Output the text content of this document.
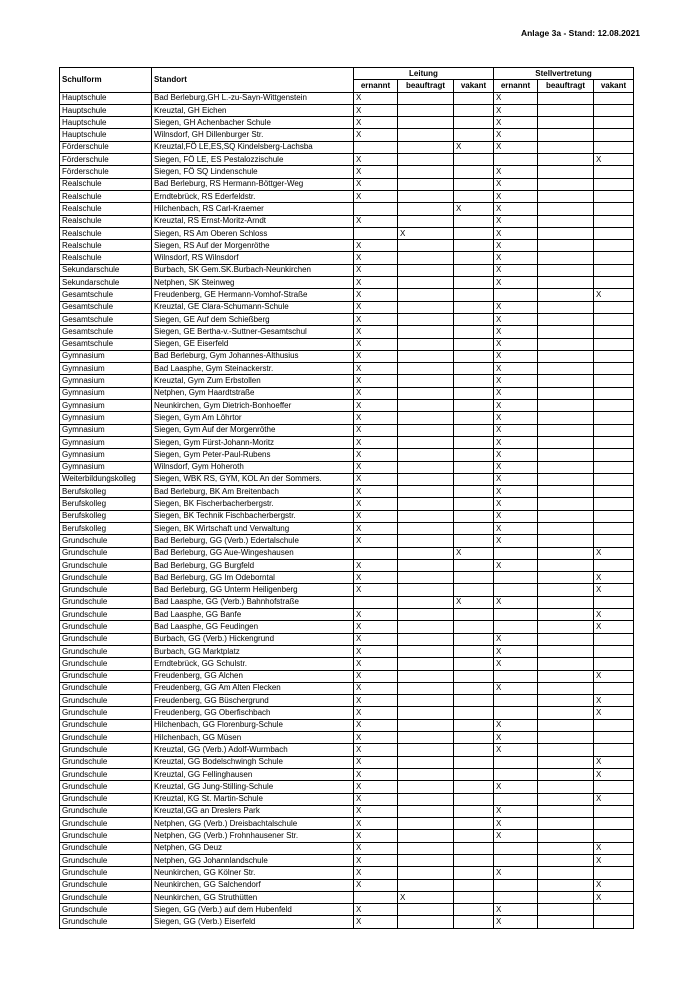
Anlage 3a - Stand: 12.08.2021
Schulform	Standort	Leitung			Stellvertretung		
		ernannt	beauftragt	vakant	ernannt	beauftragt	vakant
Hauptschule	Bad Berleburg,GH L.-zu-Sayn-Wittgenstein	X			X		
Hauptschule	Kreuztal, GH Eichen	X			X		
Hauptschule	Siegen, GH Achenbacher Schule	X			X		
Hauptschule	Wilnsdorf, GH Dillenburger Str.	X			X		
Förderschule	Kreuztal,FÖ LE,ES,SQ Kindelsberg-Lachsba			X	X		
Förderschule	Siegen, FÖ LE, ES Pestalozzischule	X					X
Förderschule	Siegen, FÖ SQ Lindenschule	X			X		
Realschule	Bad Berleburg, RS Hermann-Böttger-Weg	X			X		
Realschule	Erndtebrück, RS Ederfeldstr.	X			X		
Realschule	Hilchenbach, RS Carl-Kraemer			X	X		
Realschule	Kreuztal, RS Ernst-Moritz-Arndt	X			X		
Realschule	Siegen, RS Am Oberen Schloss		X		X		
Realschule	Siegen, RS Auf der Morgenröthe	X			X		
Realschule	Wilnsdorf, RS Wilnsdorf	X			X		
Sekundarschule	Burbach, SK Gem.SK.Burbach-Neunkirchen	X			X		
Sekundarschule	Netphen, SK Steinweg	X			X		
Gesamtschule	Freudenberg, GE Hermann-Vomhof-Straße	X					X
Gesamtschule	Kreuztal, GE Clara-Schumann-Schule	X			X		
Gesamtschule	Siegen, GE Auf dem Schießberg	X			X		
Gesamtschule	Siegen, GE Bertha-v.-Suttner-Gesamtschul	X			X		
Gesamtschule	Siegen, GE Eiserfeld	X			X		
Gymnasium	Bad Berleburg, Gym Johannes-Althusius	X			X		
Gymnasium	Bad Laasphe, Gym Steinackerstr.	X			X		
Gymnasium	Kreuztal, Gym Zum Erbstollen	X			X		
Gymnasium	Netphen, Gym Haardtstraße	X			X		
Gymnasium	Neunkirchen, Gym Dietrich-Bonhoeffer	X			X		
Gymnasium	Siegen, Gym Am Löhrtor	X			X		
Gymnasium	Siegen, Gym Auf der Morgenröthe	X			X		
Gymnasium	Siegen, Gym Fürst-Johann-Moritz	X			X		
Gymnasium	Siegen, Gym Peter-Paul-Rubens	X			X		
Gymnasium	Wilnsdorf, Gym Hoheroth	X			X		
Weiterbildungskolleg	Siegen, WBK RS, GYM, KOL An der Sommers.	X			X		
Berufskolleg	Bad Berleburg, BK Am Breitenbach	X			X		
Berufskolleg	Siegen, BK Fischerbacherbergstr.	X			X		
Berufskolleg	Siegen, BK Technik Fischbacherbergstr.	X			X		
Berufskolleg	Siegen, BK Wirtschaft und Verwaltung	X			X		
Grundschule	Bad Berleburg, GG (Verb.) Edertalschule	X			X		
Grundschule	Bad Berleburg, GG Aue-Wingeshausen			X			X
Grundschule	Bad Berleburg, GG Burgfeld	X			X		
Grundschule	Bad Berleburg, GG Im Odeborntal	X					X
Grundschule	Bad Berleburg, GG Unterm Heiligenberg	X					X
Grundschule	Bad Laasphe, GG (Verb.) Bahnhofstraße			X	X		
Grundschule	Bad Laasphe, GG Banfe	X					X
Grundschule	Bad Laasphe, GG Feudingen	X					X
Grundschule	Burbach, GG (Verb.) Hickengrund	X			X		
Grundschule	Burbach, GG Marktplatz	X			X		
Grundschule	Erndtebrück, GG Schulstr.	X			X		
Grundschule	Freudenberg, GG Alchen	X					X
Grundschule	Freudenberg, GG Am Alten Flecken	X			X		
Grundschule	Freudenberg, GG Büschergrund	X					X
Grundschule	Freudenberg, GG Oberfischbach	X					X
Grundschule	Hilchenbach, GG Florenburg-Schule	X			X		
Grundschule	Hilchenbach, GG Müsen	X			X		
Grundschule	Kreuztal, GG (Verb.) Adolf-Wurmbach	X			X		
Grundschule	Kreuztal, GG Bodelschwingh Schule	X					X
Grundschule	Kreuztal, GG Fellinghausen	X					X
Grundschule	Kreuztal, GG Jung-Stilling-Schule	X			X		
Grundschule	Kreuztal, KG St. Martin-Schule	X					X
Grundschule	Kreuztal,GG an Dreslers Park	X			X		
Grundschule	Netphen, GG (Verb.) Dreisbachtalschule	X			X		
Grundschule	Netphen, GG (Verb.) Frohnhausener Str.	X			X		
Grundschule	Netphen, GG Deuz	X					X
Grundschule	Netphen, GG Johannlandschule	X					X
Grundschule	Neunkirchen, GG Kölner Str.	X			X		
Grundschule	Neunkirchen, GG Salchendorf	X					X
Grundschule	Neunkirchen, GG Struthütten		X				X
Grundschule	Siegen, GG (Verb.) auf dem Hubenfeld	X			X		
Grundschule	Siegen, GG (Verb.) Eiserfeld	X			X		
